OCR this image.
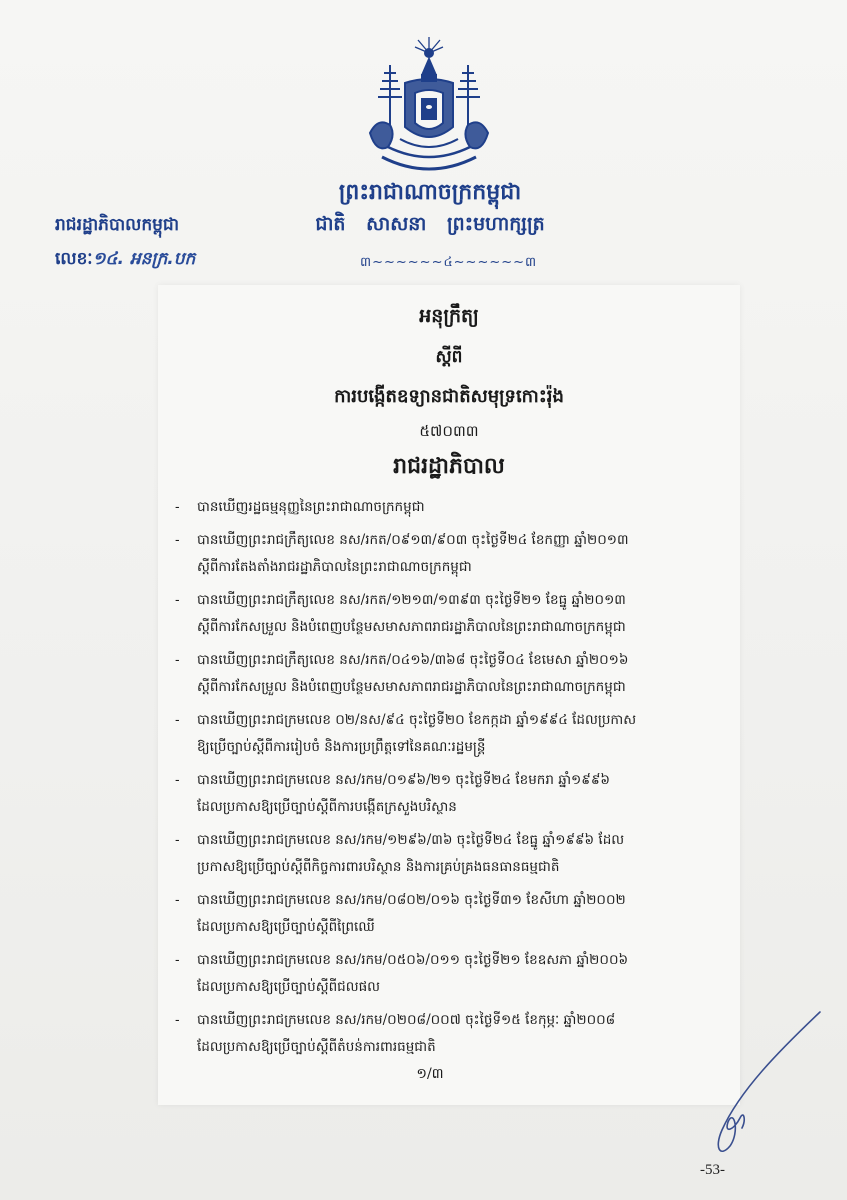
ព្រះរាជាណាចក្រកម្ពុជា
ជាតិ សាសនា ព្រះមហាក្សត្រ
៣~~~~~~៤~~~~~~៣
រាជរដ្ឋាភិបាលកម្ពុជា
លេខៈ១៤. អនក្រ.បក
អនុក្រឹត្យ
ស្ដីពី
ការបង្កើតឧទ្យានជាតិសមុទ្រកោះរ៉ុង
៥៧០៣៣
រាជរដ្ឋាភិបាល
- បានឃើញរដ្ឋធម្មនុញ្ញនៃព្រះរាជាណាចក្រកម្ពុជា
- បានឃើញព្រះរាជក្រឹត្យលេខ នស/រកត/០៩១៣/៩០៣ ចុះថ្ងៃទី២៤ ខែកញ្ញា ឆ្នាំ២០១៣
ស្ដីពីការតែងតាំងរាជរដ្ឋាភិបាលនៃព្រះរាជាណាចក្រកម្ពុជា
- បានឃើញព្រះរាជក្រឹត្យលេខ នស/រកត/១២១៣/១៣៩៣ ចុះថ្ងៃទី២១ ខែធ្នូ ឆ្នាំ២០១៣
ស្ដីពីការកែសម្រួល និងបំពេញបន្ថែមសមាសភាពរាជរដ្ឋាភិបាលនៃព្រះរាជាណាចក្រកម្ពុជា
- បានឃើញព្រះរាជក្រឹត្យលេខ នស/រកត/០៤១៦/៣៦៨ ចុះថ្ងៃទី០៤ ខែមេសា ឆ្នាំ២០១៦
ស្ដីពីការកែសម្រួល និងបំពេញបន្ថែមសមាសភាពរាជរដ្ឋាភិបាលនៃព្រះរាជាណាចក្រកម្ពុជា
- បានឃើញព្រះរាជក្រមលេខ ០២/នស/៩៤ ចុះថ្ងៃទី២០ ខែកក្កដា ឆ្នាំ១៩៩៤ ដែលប្រកាស
ឱ្យប្រើច្បាប់ស្ដីពីការរៀបចំ និងការប្រព្រឹត្តទៅនៃគណៈរដ្ឋមន្ត្រី
- បានឃើញព្រះរាជក្រមលេខ នស/រកម/០១៩៦/២១ ចុះថ្ងៃទី២៤ ខែមករា ឆ្នាំ១៩៩៦
ដែលប្រកាសឱ្យប្រើច្បាប់ស្ដីពីការបង្កើតក្រសួងបរិស្ថាន
- បានឃើញព្រះរាជក្រមលេខ នស/រកម/១២៩៦/៣៦ ចុះថ្ងៃទី២៤ ខែធ្នូ ឆ្នាំ១៩៩៦ ដែល
ប្រកាសឱ្យប្រើច្បាប់ស្ដីពីកិច្ចការពារបរិស្ថាន និងការគ្រប់គ្រងធនធានធម្មជាតិ
- បានឃើញព្រះរាជក្រមលេខ នស/រកម/០៨០២/០១៦ ចុះថ្ងៃទី៣១ ខែសីហា ឆ្នាំ២០០២
ដែលប្រកាសឱ្យប្រើច្បាប់ស្ដីពីព្រៃឈើ
- បានឃើញព្រះរាជក្រមលេខ នស/រកម/០៥០៦/០១១ ចុះថ្ងៃទី២១ ខែឧសភា ឆ្នាំ២០០៦
ដែលប្រកាសឱ្យប្រើច្បាប់ស្ដីពីជលផល
- បានឃើញព្រះរាជក្រមលេខ នស/រកម/០២០៨/០០៧ ចុះថ្ងៃទី១៥ ខែកុម្ភៈ ឆ្នាំ២០០៨
ដែលប្រកាសឱ្យប្រើច្បាប់ស្ដីពីតំបន់ការពារធម្មជាតិ
១/៣
-53-
